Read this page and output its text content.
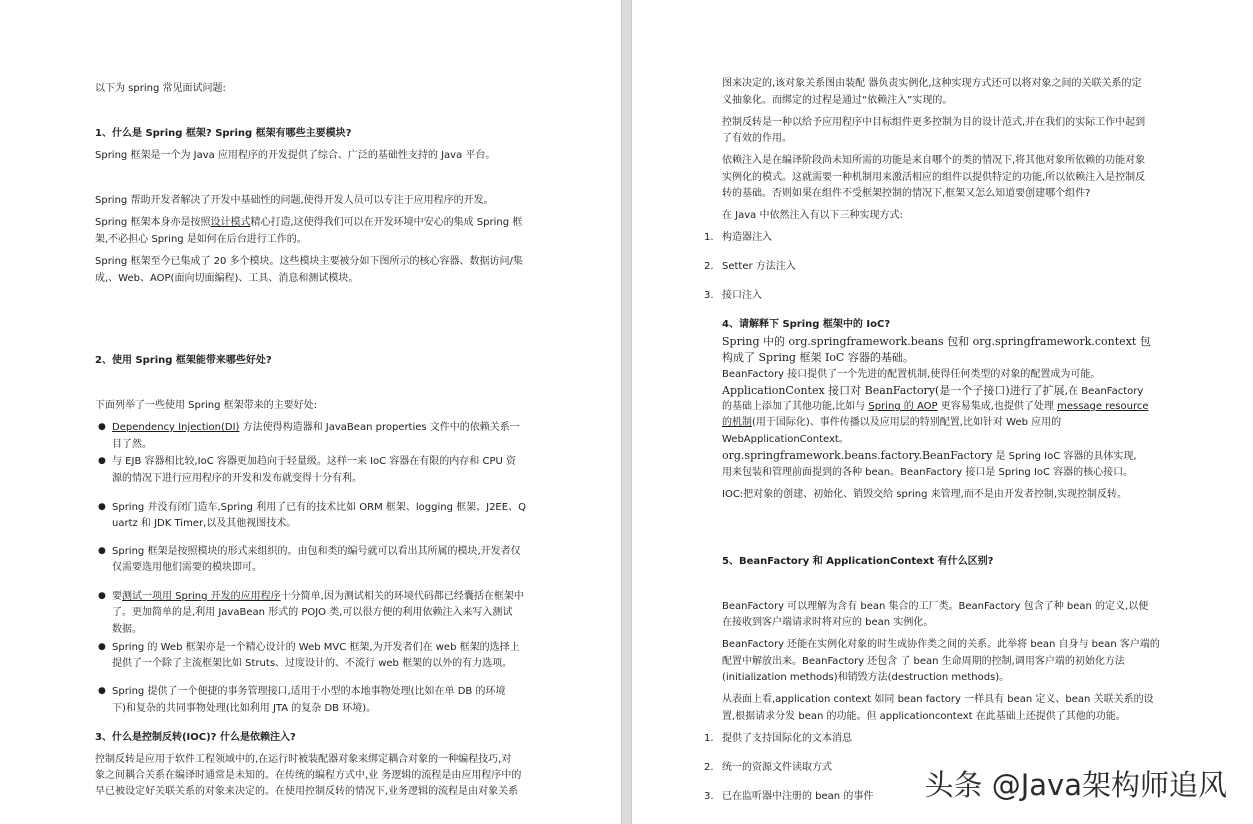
以下为 spring 常见面试问题:
1、什么是 Spring 框架? Spring 框架有哪些主要模块?
Spring 框架是一个为 Java 应用程序的开发提供了综合、广泛的基础性支持的 Java 平台。
Spring 帮助开发者解决了开发中基础性的问题,使得开发人员可以专注于应用程序的开发。
Spring 框架本身亦是按照设计模式精心打造,这使得我们可以在开发环境中安心的集成 Spring 框
架,不必担心 Spring 是如何在后台进行工作的。
Spring 框架至今已集成了 20 多个模块。这些模块主要被分如下图所示的核心容器、数据访问/集
成,、Web、AOP(面向切面编程)、工具、消息和测试模块。
2、使用 Spring 框架能带来哪些好处?
下面列举了一些使用 Spring 框架带来的主要好处:
● Dependency Injection(DI) 方法使得构造器和 JavaBean properties 文件中的依赖关系一
目了然。
● 与 EJB 容器相比较,IoC 容器更加趋向于轻量级。这样一来 IoC 容器在有限的内存和 CPU 资
源的情况下进行应用程序的开发和发布就变得十分有利。
● Spring 并没有闭门造车,Spring 利用了已有的技术比如 ORM 框架、logging 框架、J2EE、Q
uartz 和 JDK Timer,以及其他视图技术。
● Spring 框架是按照模块的形式来组织的。由包和类的编号就可以看出其所属的模块,开发者仅
仅需要选用他们需要的模块即可。
● 要测试一项用 Spring 开发的应用程序十分简单,因为测试相关的环境代码都已经囊括在框架中
了。更加简单的是,利用 JavaBean 形式的 POJO 类,可以很方便的利用依赖注入来写入测试
数据。
● Spring 的 Web 框架亦是一个精心设计的 Web MVC 框架,为开发者们在 web 框架的选择上
提供了一个除了主流框架比如 Struts、过度设计的、不流行 web 框架的以外的有力选项。
● Spring 提供了一个便捷的事务管理接口,适用于小型的本地事物处理(比如在单 DB 的环境
下)和复杂的共同事物处理(比如利用 JTA 的复杂 DB 环境)。
3、什么是控制反转(IOC)? 什么是依赖注入?
控制反转是应用于软件工程领域中的,在运行时被装配器对象来绑定耦合对象的一种编程技巧,对
象之间耦合关系在编译时通常是未知的。在传统的编程方式中,业 务逻辑的流程是由应用程序中的
早已被设定好关联关系的对象来决定的。在使用控制反转的情况下,业务逻辑的流程是由对象关系
图来决定的,该对象关系图由装配 器负责实例化,这种实现方式还可以将对象之间的关联关系的定
义抽象化。而绑定的过程是通过“依赖注入”实现的。
控制反转是一种以给予应用程序中目标组件更多控制为目的设计范式,并在我们的实际工作中起到
了有效的作用。
依赖注入是在编译阶段尚未知所需的功能是来自哪个的类的情况下,将其他对象所依赖的功能对象
实例化的模式。这就需要一种机制用来激活相应的组件以提供特定的功能,所以依赖注入是控制反
转的基础。否则如果在组件不受框架控制的情况下,框架又怎么知道要创建哪个组件?
在 Java 中依然注入有以下三种实现方式:
1. 构造器注入
2. Setter 方法注入
3. 接口注入
4、请解释下 Spring 框架中的 IoC?
Spring 中的 org.springframework.beans 包和 org.springframework.context 包
构成了 Spring 框架 IoC 容器的基础。
BeanFactory 接口提供了一个先进的配置机制,使得任何类型的对象的配置成为可能。
ApplicationContex 接口对 BeanFactory(是一个子接口)进行了扩展,在 BeanFactory
的基础上添加了其他功能,比如与 Spring 的 AOP 更容易集成,也提供了处理 message resource
的机制(用于国际化)、事件传播以及应用层的特别配置,比如针对 Web 应用的
WebApplicationContext。
org.springframework.beans.factory.BeanFactory 是 Spring IoC 容器的具体实现,
用来包装和管理前面提到的各种 bean。BeanFactory 接口是 Spring IoC 容器的核心接口。
IOC:把对象的创建、初始化、销毁交给 spring 来管理,而不是由开发者控制,实现控制反转。
5、BeanFactory 和 ApplicationContext 有什么区别?
BeanFactory 可以理解为含有 bean 集合的工厂类。BeanFactory 包含了种 bean 的定义,以便
在接收到客户端请求时将对应的 bean 实例化。
BeanFactory 还能在实例化对象的时生成协作类之间的关系。此举将 bean 自身与 bean 客户端的
配置中解放出来。BeanFactory 还包含 了 bean 生命周期的控制,调用客户端的初始化方法
(initialization methods)和销毁方法(destruction methods)。
从表面上看,application context 如同 bean factory 一样具有 bean 定义、bean 关联关系的设
置,根据请求分发 bean 的功能。但 applicationcontext 在此基础上还提供了其他的功能。
1. 提供了支持国际化的文本消息
2. 统一的资源文件读取方式
3. 已在监听器中注册的 bean 的事件 头条 @Java架构师追风
